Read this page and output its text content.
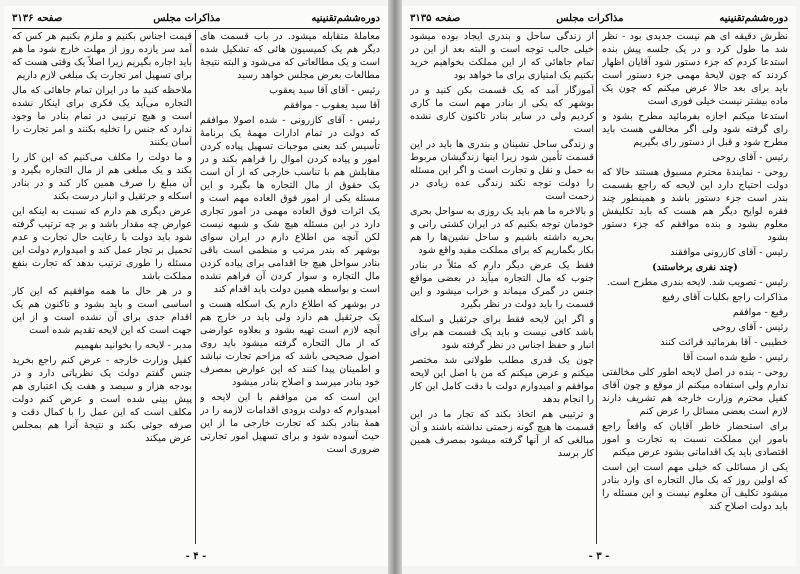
دوره‌ششم‌تقنینیه
مذاکرات مجلس
صفحه ۳۱۳۶

معاملهٔ متقابله میشود. در باب قسمت های دیگر هم یک کمیسیون هائی که تشکیل شده است و یک مطالعاتی که می‌شود و البته نتیجهٔ مطالعات بعرض مجلس خواهد رسید

رئیس - آقای آقا سید یعقوب

آقا سید یعقوب - موافقم

رئیس - آقای کازرونی - شده اصولا موافقم که دولت در تمام ادارات مهمهٔ یک برنامهٔ تأسیس کند یعنی موجبات تسهیل پیاده کردن امور و پیاده کردن اموال را فراهم بکند و در مقابلش هم با تناسب خارجی که از آن است یک حقوق از مال التجاره ها بگیرد و این مسئله یکی از امور فوق العاده مهم است و یک اثرات فوق العاده مهمی در امور تجاری دارد در این مسئله هیچ شک و شبهه نیست لکن آنچه من اطلاع دارم در ایران سوای بوشهر که بندر مرتب و منظمی است باقی بنادر سواحل هیچ جا اقدامی برای پیاده کردن مال التجاره و سوار کردن آن فراهم نشده است و بواسطه همین دولت باید اقدام کند

در بوشهر که اطلاع دارم یک اسکله هست و یک جرثقیل هم دارد ولی باید در خارج هم آنچه لازم است تهیه بشود و بعلاوه عوارضی که از مال التجاره گرفته میشود باید روی اصول صحیحی باشد که مزاحم تجارت نباشد و اطمینان پیدا کنند که این عوارض بمصرف خود بنادر میرسد و اصلاح بنادر میشود

این است که من موافقم با این لایحه و امیدوارم که دولت بزودی اقدامات لازمه را در همهٔ بنادر بکند که تجارت خارجی ما از این حیث آسوده شود و برای تسهیل امور تجارتی ضروری است

قیمت اجناس بکنیم و ملزم بکنیم هر کس که آمد سر یازده روز از مهلت خارج شود ما هم باید اجاره بگیریم زیرا اصلاً یک وقتی هست که برای تسهیل امر تجارت یک مبلغی لازم داریم

ملاحظه کنید ما در ایران تمام جاهائی که مال التجاره می‌آید یک فکری برای اینکار نشده است و هیچ ترتیبی در تمام بنادر ما وجود ندارد که جنس را تخلیه بکنند و امر تجارت را آسان بکنند

و ما دولت را مکلف می‌کنیم که این کار را بکند و یک مبلغی هم از مال التجاره بگیرد و آن مبلغ را صرف همین کار کند و در بنادر اسکله و جرثقیل و انبار درست بکند

عرض دیگری هم دارم که نسبت به اینکه این عوارض چه مقدار باشد و بر چه ترتیب گرفته شود باید دولت با رعایت حال تجارت و عدم تحمیل بر تجار عمل کند و امیدوارم دولت این مسئله را طوری ترتیب بدهد که تجارت بنفع مملکت باشد

و در هر حال ما همه موافقیم که این کار اساسی است و باید بشود و تاکنون هم یک اقدام جدی برای آن نشده است و از این جهت است که این لایحه تقدیم شده است

مدبر - لایحه را بخوانید بفهمیم

کفیل وزارت خارجه - عرض کنم راجع بخرید جنس گفتم دولت یک نظریاتی دارد و در بودجه هزار و سیصد و هفت یک اعتباری هم پیش بینی شده است و عرض کنم دولت مکلف است که این عمل را با کمال دقت و صرفه جوئی بکند و نتیجهٔ آنرا هم بمجلس عرض میکند

- ۴ -
دوره‌ششم‌تقنینیه
مذاکرات مجلس
صفحه ۳۱۳۵

نظرش دقیقه ای هم نیست جدیدی بود - نظر شد ما طول کرد و در یک جلسه پیش بنده استدعا کردم که جزء دستور شود آقایان اظهار کردند که چون لایحهٔ مهمی جزء دستور است باید برای بعد حالا عرض میکنم که چون یک ماده بیشتر نیست خیلی فوری است

استدعا میکنم اجازه بفرمائید مطرح بشود و رای گرفته شود ولی اگر مخالفی هست باید مطرح شود و قبل از دستور رای بگیریم

رئیس - آقای روحی

روحی - نمایندهٔ محترم مسبوق هستند حالا که دولت احتیاج دارد این لایحه که راجع بقسمت بندر است جزء دستور باشد و همینطور چند فقره لوایح دیگر هم هست که باید تکلیفش معلوم بشود و بنده موافقم که جزء دستور بشود

رئیس - آقای کازرونی موافقند

(چند نفری برخاستند)

رئیس - تصویب شد. لایحه بندری مطرح است.

مذاکرات راجع بکلیات آقای رفیع

رفیع - موافقم

رئیس - آقای روحی

خطیبی - آقا بفرمائید قرائت کنند

رئیس - طبع شده است آقا

روحی - بنده در اصل لایحه اطور کلی مخالفتی ندارم ولی استفاده میکنم از موقع و چون آقای کفیل محترم وزارت خارجه هم تشریف دارند لازم است بعضی مسائل را عرض کنم

برای استحضار خاطر آقایان که واقعاً راجع بامور این مملکت نسبت به تجارت و امور اقتصادی باید یک اقداماتی بشود عرض میکنم

یکی از مسائلی که خیلی مهم است این است که اولین روز که یک مال التجاره ای وارد بنادر میشود تکلیف آن معلوم نیست و این مسئله را باید دولت اصلاح کند

از زندگی ساحل و بندری ایجاد بوده میشود خیلی جالب توجه است و البته بعد از این در تمام جاهائی که از این مملکت بخواهیم خرید بکنیم یک امتیازی برای ما خواهد بود

آموزگار آمد که یک قسمت بکن کنید و در بوشهر که یکی از بنادر مهم است ما کاری کردیم ولی در سایر بنادر تاکنون کاری نشده است

و زندگی ساحل نشینان و بندری ها باید در این قسمت تأمین شود زیرا اینها زندگیشان مربوط به حمل و نقل و تجارت است و اگر این مسئله را دولت توجه نکند زندگی عده زیادی در زحمت است

و بالاخره ما هم باید یک روزی به سواحل بحری خودمان توجه بکنیم که در ایران کشتی رانی و بحریه داشته باشیم و ساحل نشین‌ها را هم بکار بگماریم که برای مملکت مفید واقع شود

فقط یک عرض دیگر دارم که مثلاً در بنادر جنوب که مال التجاره میآید در بعضی مواقع جنس در گمرک میماند و خراب میشود و این قسمت را باید دولت در نظر بگیرد

و اگر این لایحه فقط برای جرثقیل و اسکله باشد کافی نیست و باید یک قسمت هم برای انبار و حفظ اجناس در نظر گرفته شود

چون یک قدری مطلب طولانی شد مختصر میکنم و عرض میکنم که من با اصل این لایحه موافقم و امیدوارم دولت با دقت کامل این کار را انجام بدهد

و ترتیبی هم اتخاذ بکند که تجار ما در این قسمت ها هیچ گونه زحمتی نداشته باشند و آن مبالغی که از آنها گرفته میشود بمصرف همین کار برسد

- ۳ -
